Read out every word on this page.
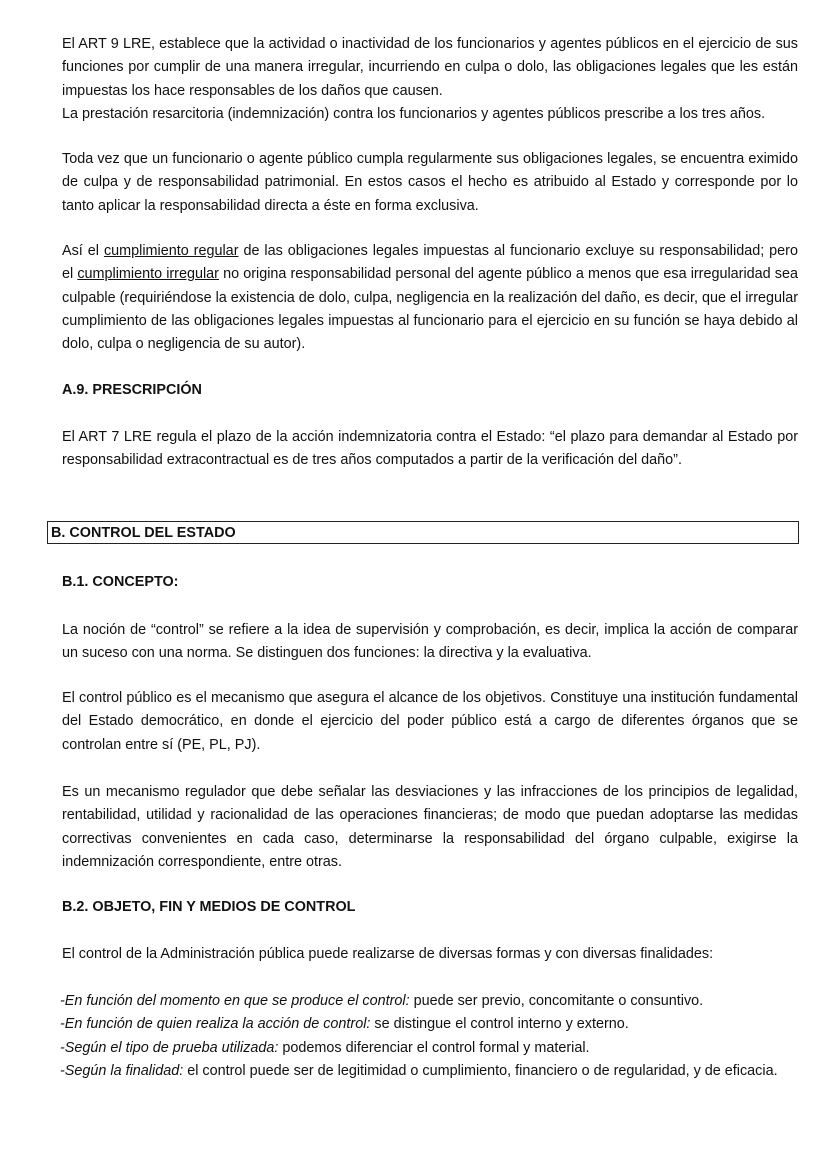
El ART 9 LRE, establece que la actividad o inactividad de los funcionarios y agentes públicos en el ejercicio de sus funciones por cumplir de una manera irregular, incurriendo en culpa o dolo, las obligaciones legales que les están impuestas los hace responsables de los daños que causen.
La prestación resarcitoria (indemnización) contra los funcionarios y agentes públicos prescribe a los tres años.

Toda vez que un funcionario o agente público cumpla regularmente sus obligaciones legales, se encuentra eximido de culpa y de responsabilidad patrimonial. En estos casos el hecho es atribuido al Estado y corresponde por lo tanto aplicar la responsabilidad directa a éste en forma exclusiva.

Así el cumplimiento regular de las obligaciones legales impuestas al funcionario excluye su responsabilidad; pero el cumplimiento irregular no origina responsabilidad personal del agente público a menos que esa irregularidad sea culpable (requiriéndose la existencia de dolo, culpa, negligencia en la realización del daño, es decir, que el irregular cumplimiento de las obligaciones legales impuestas al funcionario para el ejercicio en su función se haya debido al dolo, culpa o negligencia de su autor).

A.9. PRESCRIPCIÓN

El ART 7 LRE regula el plazo de la acción indemnizatoria contra el Estado: “el plazo para demandar al Estado por responsabilidad extracontractual es de tres años computados a partir de la verificación del daño”.

B. CONTROL DEL ESTADO

B.1. CONCEPTO:

La noción de “control” se refiere a la idea de supervisión y comprobación, es decir, implica la acción de comparar un suceso con una norma. Se distinguen dos funciones: la directiva y la evaluativa.

El control público es el mecanismo que asegura el alcance de los objetivos. Constituye una institución fundamental del Estado democrático, en donde el ejercicio del poder público está a cargo de diferentes órganos que se controlan entre sí (PE, PL, PJ).

Es un mecanismo regulador que debe señalar las desviaciones y las infracciones de los principios de legalidad, rentabilidad, utilidad y racionalidad de las operaciones financieras; de modo que puedan adoptarse las medidas correctivas convenientes en cada caso, determinarse la responsabilidad del órgano culpable, exigirse la indemnización correspondiente, entre otras.

B.2. OBJETO, FIN Y MEDIOS DE CONTROL

El control de la Administración pública puede realizarse de diversas formas y con diversas finalidades:

-En función del momento en que se produce el control: puede ser previo, concomitante o consuntivo.
-En función de quien realiza la acción de control: se distingue el control interno y externo.
-Según el tipo de prueba utilizada: podemos diferenciar el control formal y material.
-Según la finalidad: el control puede ser de legitimidad o cumplimiento, financiero o de regularidad, y de eficacia.
